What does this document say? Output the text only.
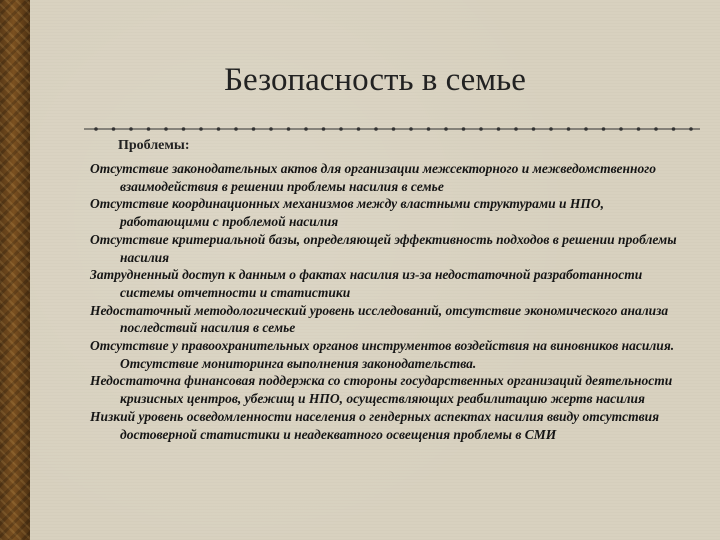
Безопасность в семье
Проблемы:
Отсутствие законодательных актов для организации межсекторного и межведомственного взаимодействия в решении проблемы насилия в семье
Отсутствие координационных механизмов между властными структурами и НПО, работающими с проблемой насилия
Отсутствие критериальной базы, определяющей эффективность подходов в решении проблемы насилия
Затрудненный доступ к данным о фактах насилия из-за недостаточной разработанности системы отчетности и статистики
Недостаточный методологический уровень исследований, отсутствие экономического анализа последствий насилия в семье
Отсутствие у правоохранительных органов инструментов воздействия на виновников насилия. Отсутствие мониторинга выполнения законодательства.
Недостаточна финансовая поддержка со стороны государственных организаций деятельности кризисных центров, убежищ и НПО, осуществляющих реабилитацию жертв насилия
Низкий уровень осведомленности населения о гендерных аспектах насилия ввиду отсутствия достоверной статистики и неадекватного освещения проблемы в СМИ
